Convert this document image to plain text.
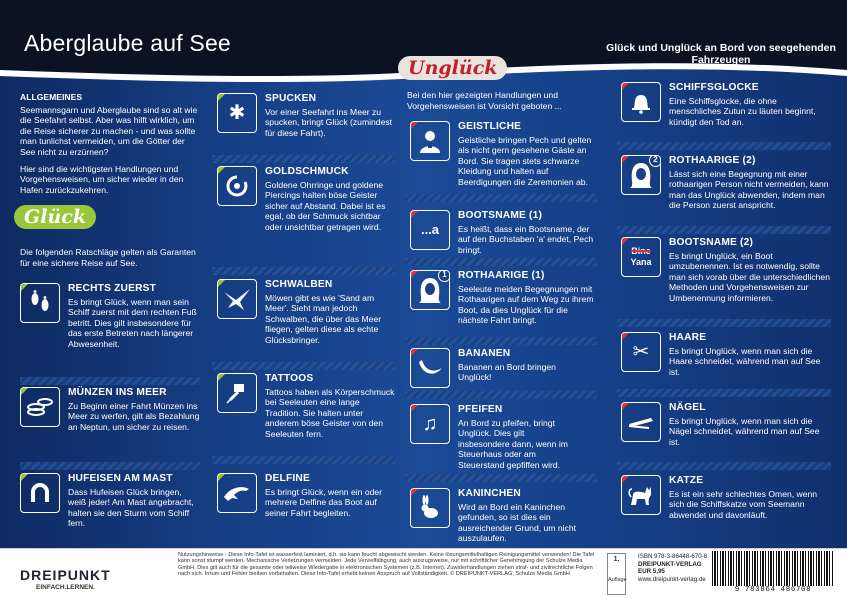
Aberglaube auf See	Glück und Unglück an Bord von seegehenden Fahrzeugen
ALLGEMEINES

Seemannsgarn und Aberglaube sind so alt wie die Seefahrt selbst. Aber was hilft wirklich, um die Reise sicherer zu machen - und was sollte man tunlichst vermeiden, um die Götter der See nicht zu erzürnen?

Hier sind die wichtigsten Handlungen und Vorgehensweisen, um sicher wieder in den Hafen zurückzukehren.

Glück

Die folgenden Ratschläge gelten als Garanten für eine sichere Reise auf See.

RECHTS ZUERST
Es bringt Glück, wenn man sein Schiff zuerst mit dem rechten Fuß betritt. Dies gilt insbesondere für das erste Betreten nach längerer Abwesenheit.
MÜNZEN INS MEER
Zu Beginn einer Fahrt Münzen ins Meer zu werfen, gilt als Bezahlung an Neptun, um sicher zu reisen.
HUFEISEN AM MAST
Dass Hufeisen Glück bringen, weiß jeder! Am Mast angebracht, halten sie den Sturm vom Schiff fern.
✱
SPUCKEN
Vor einer Seefahrt ins Meer zu spucken, bringt Glück (zumindest für diese Fahrt).
GOLDSCHMUCK
Goldene Ohrringe und goldene Piercings halten böse Geister sicher auf Abstand. Dabei ist es egal, ob der Schmuck sichtbar oder unsichtbar getragen wird.
SCHWALBEN
Möwen gibt es wie 'Sand am Meer'. Sieht man jedoch Schwalben, die über das Meer fliegen, gelten diese als echte Glücksbringer.
TATTOOS
Tattoos haben als Körperschmuck bei Seeleuten eine lange Tradition. Sie halten unter anderem böse Geister von den Seeleuten fern.
DELFINE
Es bringt Glück, wenn ein oder mehrere Delfine das Boot auf seiner Fahrt begleiten.
Unglück

Bei den hier gezeigten Handlungen und Vorgehensweisen ist Vorsicht geboten ...

GEISTLICHE
Geistliche bringen Pech und gelten als nicht gern gesehene Gäste an Bord. Sie tragen stets schwarze Kleidung und halten auf Beerdigungen die Zeremonien ab.
...a
BOOTSNAME (1)
Es heißt, dass ein Bootsname, der auf den Buchstaben 'a' endet, Pech bringt.
1	ROTHAARIGE (1)
Seeleute meiden Begegnungen mit Rothaarigen auf dem Weg zu ihrem Boot, da dies Unglück für die nächste Fahrt bringt.
BANANEN
Bananen an Bord bringen Unglück!
♫
PFEIFEN
An Bord zu pfeifen, bringt Unglück. Dies gilt insbesondere dann, wenn im Steuerhaus oder am Steuerstand gepfiffen wird.
KANINCHEN
Wird an Bord ein Kaninchen gefunden, so ist dies ein ausreichender Grund, um nicht auszulaufen.
SCHIFFSGLOCKE
Eine Schiffsglocke, die ohne menschliches Zutun zu läuten beginnt, kündigt den Tod an.
2	ROTHAARIGE (2)
Lässt sich eine Begegnung mit einer rothaarigen Person nicht vermeiden, kann man das Unglück abwenden, indem man die Person zuerst anspricht.
Bine
Yana
BOOTSNAME (2)
Es bringt Unglück, ein Boot umzubenennen. Ist es notwendig, sollte man sich vorab über die unterschiedlichen Methoden und Vorgehensweisen zur Umbenennung informieren.
✂
HAARE
Es bringt Unglück, wenn man sich die Haare schneidet, während man auf See ist.
NÄGEL
Es bringt Unglück, wenn man sich die Nägel schneidet, während man auf See ist.
KATZE
Es ist ein sehr schlechtes Omen, wenn sich die Schiffskatze vom Seemann abwendet und davonläuft.
DREIPUNKT
EINFACH.LERNEN.
Nutzungshinweise - Diese Info-Tafel ist wasserfest laminiert, d.h. sie kann feucht abgewischt werden. Keine lösungsmittelhaltigen Reinigungsmittel verwenden! Die Tafel kann sonst stumpf werden. Mechanische Verletzungen vermeiden. Jede Vervielfältigung, auch auszugsweise, nur mit schriftlicher Genehmigung der Schulze Media GmbH. Dies gilt auch für die gesamte oder teilweise Wiedergabe in elektronischen Systemen (z.B. Internet). Zuwiderhandlungen ziehen straf- und zivilrechtliche Folgen nach sich. Irrtum und Fehler bleiben vorbehalten. Diese Info-Tafel erhebt keinen Anspruch auf Vollständigkeit. © DREIPUNKT-VERLAG, Schulze Media GmbH
1.
Auflage
ISBN 978-3-86448-670-8
DREIPUNKT-VERLAG
EUR 5,95
www.dreipunkt-verlag.de
9 783864 486708
